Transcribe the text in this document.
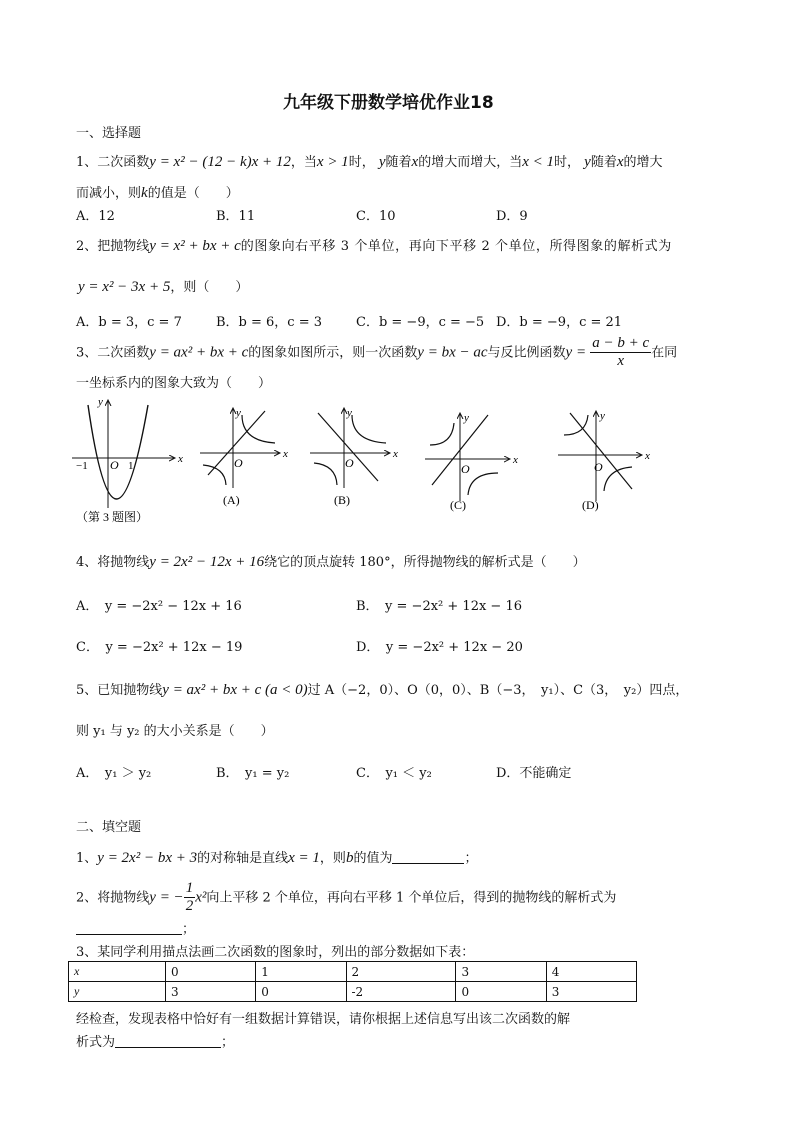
九年级下册数学培优作业18
一、选择题
1、二次函数y = x² − (12 − k)x + 12，当x > 1时， y随着x的增大而增大，当x < 1时， y随着x的增大
而减小，则k的值是（　　）
A．12	B．11	C．10	D．9
2、把抛物线y = x² + bx + c的图象向右平移 3 个单位，再向下平移 2 个单位，所得图象的解析式为
y = x² − 3x + 5，则（　　）
A．b = 3，c = 7	B．b = 6，c = 3	C．b = −9，c = −5 D．b = −9，c = 21
3、二次函数y = ax² + bx + c的图象如图所示，则一次函数y = bx − ac与反比例函数$y = \frac{a - b + c}{x}$ 在同
一坐标系内的图象大致为（　　）
x
y
O
−1	1
（第 3 题图）
x
y
O
(A)
x
y
O
(B)
x
y
O
(C)
x
y
O
(D)
4、将抛物线y = 2x² − 12x + 16绕它的顶点旋转 180°，所得抛物线的解析式是（　　）
A．　y = −2x² − 12x + 16	B．　y = −2x² + 12x − 16
C．　y = −2x² + 12x − 19	D．　y = −2x² + 12x − 20
5、已知抛物线y = ax² + bx + c (a < 0)过 A（−2，0）、O（0，0）、B（−3，　y₁）、C（3，　y₂）四点，
则 y₁ 与 y₂ 的大小关系是（　　）
A．　y₁ ＞ y₂	B．　y₁ = y₂	C．　y₁ ＜ y₂	D．不能确定
二、填空题
1、y = 2x² − bx + 3的对称轴是直线x = 1，则b的值为	；
2、将抛物线y = − $\frac{1}{2} x^2$向上平移 2 个单位，再向右平移 1 个单位后，得到的抛物线的解析式为
；
3、某同学利用描点法画二次函数的图象时，列出的部分数据如下表：
x	0	1	2	3	4
y	3	0	-2	0	3
经检查，发现表格中恰好有一组数据计算错误，请你根据上述信息写出该二次函数的解
析式为	；
